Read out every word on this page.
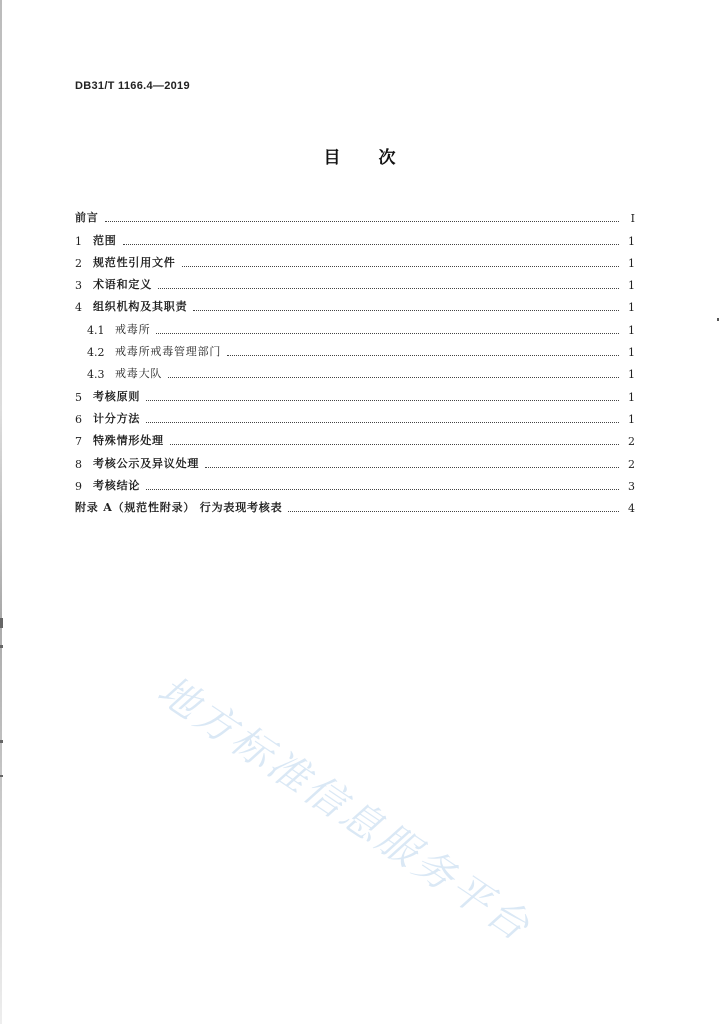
DB31/T 1166.4—2019
目 次
前言	Ⅰ
1	范围	1
2	规范性引用文件	1
3	术语和定义	1
4	组织机构及其职责	1
4.1 戒毒所	1
4.2 戒毒所戒毒管理部门	1
4.3 戒毒大队	1
5	考核原则	1
6	计分方法	1
7	特殊情形处理	2
8	考核公示及异议处理	2
9	考核结论	3
附录 A（规范性附录） 行为表现考核表	4
地方标准信息服务平台
